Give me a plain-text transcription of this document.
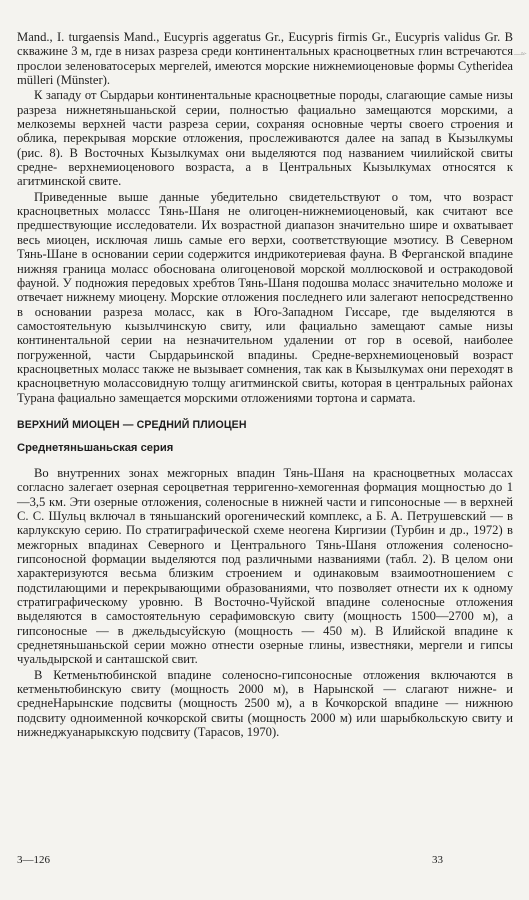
—≈·

Mand., I. turgaensis Mand., Eucypris aggeratus Gr., Eucypris firmis Gr., Eucypris validus Gr. В скважине 3 м, где в низах разреза среди континентальных красноцветных глин встречаются прослои зеленоватосерых мергелей, имеются морские нижнемиоценовые формы Cytheridea mülleri (Münster).

К западу от Сырдарьи континентальные красноцветные породы, слагающие самые низы разреза нижнетяньшаньской серии, полностью фациально замещаются морскими, а мелкоземы верхней части разреза серии, сохраняя основные черты своего строения и облика, перекрывая морские отложения, прослеживаются далее на запад в Кызылкумы (рис. 8). В Восточных Кызылкумах они выделяются под названием чиилийской свиты средне- верхнемиоценового возраста, а в Центральных Кызылкумах относятся к агитминской свите.

Приведенные выше данные убедительно свидетельствуют о том, что возраст красноцветных молассс Тянь-Шаня не олигоцен-нижнемиоценовый, как считают все предшествующие исследователи. Их возрастной диапазон значительно шире и охватывает весь миоцен, исключая лишь самые его верхи, соответствующие мэотису. В Северном Тянь-Шане в основании серии содержится индрикотериевая фауна. В Ферганской впадине нижняя граница моласс обоснована олигоценовой морской моллюсковой и остракодовой фауной. У подножия передовых хребтов Тянь-Шаня подошва моласс значительно моложе и отвечает нижнему миоцену. Морские отложения последнего или залегают непосредственно в основании разреза моласс, как в Юго-Западном Гиссаре, где выделяются в самостоятельную кызылчинскую свиту, или фациально замещают самые низы континентальной серии на незначительном удалении от гор в осевой, наиболее погруженной, части Сырдарьинской впадины. Средне-верхнемиоценовый возраст красноцветных моласс также не вызывает сомнения, так как в Кызылкумах они переходят в красноцветную молассовидную толщу агитминской свиты, которая в центральных районах Турана фациально замещается морскими отложениями тортона и сармата.

ВЕРХНИЙ МИОЦЕН — СРЕДНИЙ ПЛИОЦЕН
Среднетяньшаньская серия

Во внутренних зонах межгорных впадин Тянь-Шаня на красноцветных молассах согласно залегает озерная сероцветная терригенно-хемогенная формация мощностью до 1—3,5 км. Эти озерные отложения, соленосные в нижней части и гипсоносные — в верхней С. С. Шульц включал в тяньшанский орогенический комплекс, а Б. А. Петрушевский — в карлукскую серию. По стратиграфической схеме неогена Киргизии (Турбин и др., 1972) в межгорных впадинах Северного и Центрального Тянь-Шаня отложения соленосно-гипсоносной формации выделяются под различными названиями (табл. 2). В целом они характеризуются весьма близким строением и одинаковым взаимоотношением с подстилающими и перекрывающими образованиями, что позволяет отнести их к одному стратиграфическому уровню. В Восточно-Чуйской впадине соленосные отложения выделяются в самостоятельную серафимовскую свиту (мощность 1500—2700 м), а гипсоносные — в джельдысуйскую (мощность — 450 м). В Илийской впадине к среднетяньшаньской серии можно отнести озерные глины, известняки, мергели и гипсы чуальдырской и санташской свит.

В Кетменьтюбинской впадине соленосно-гипсоносные отложения включаются в кетменьтюбинскую свиту (мощность 2000 м), в Нарынской — слагают нижне- и среднеНарынские подсвиты (мощность 2500 м), а в Кочкорской впадине — нижнюю подсвиту одноименной кочкорской свиты (мощность 2000 м) или шарыбкольскую свиту и нижнеджуанарыкскую подсвиту (Тарасов, 1970).

3—126	33
